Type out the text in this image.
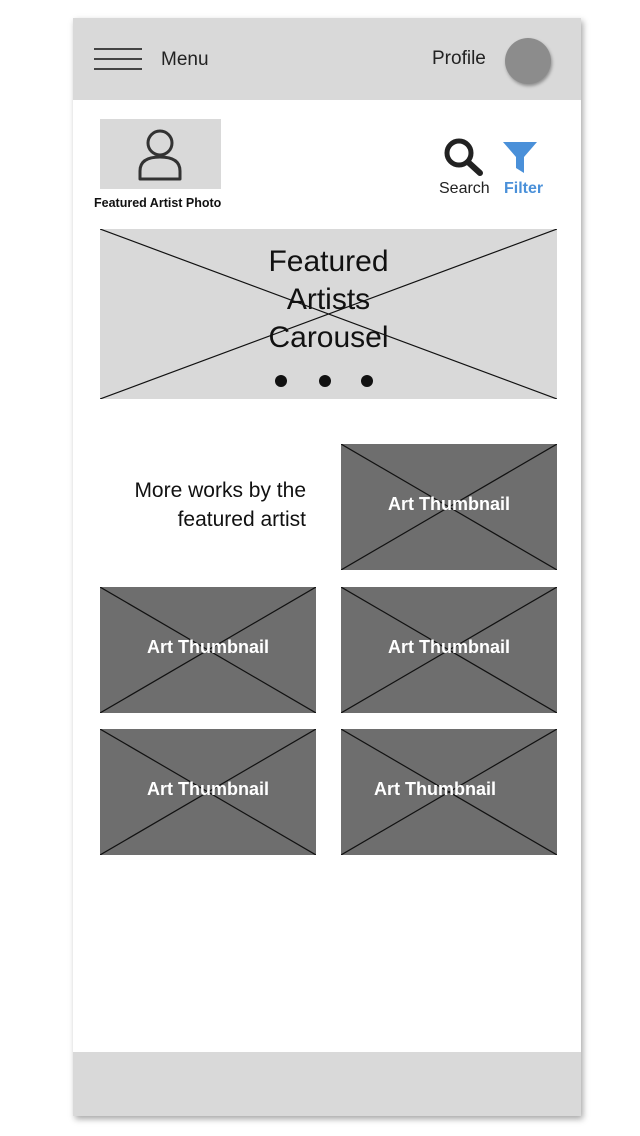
Menu	Profile
Featured Artist Photo
Search Filter
Featured
Artists
Carousel
More works by the featured artist
Art Thumbnail
Art Thumbnail	Art Thumbnail
Art Thumbnail	Art Thumbnail
